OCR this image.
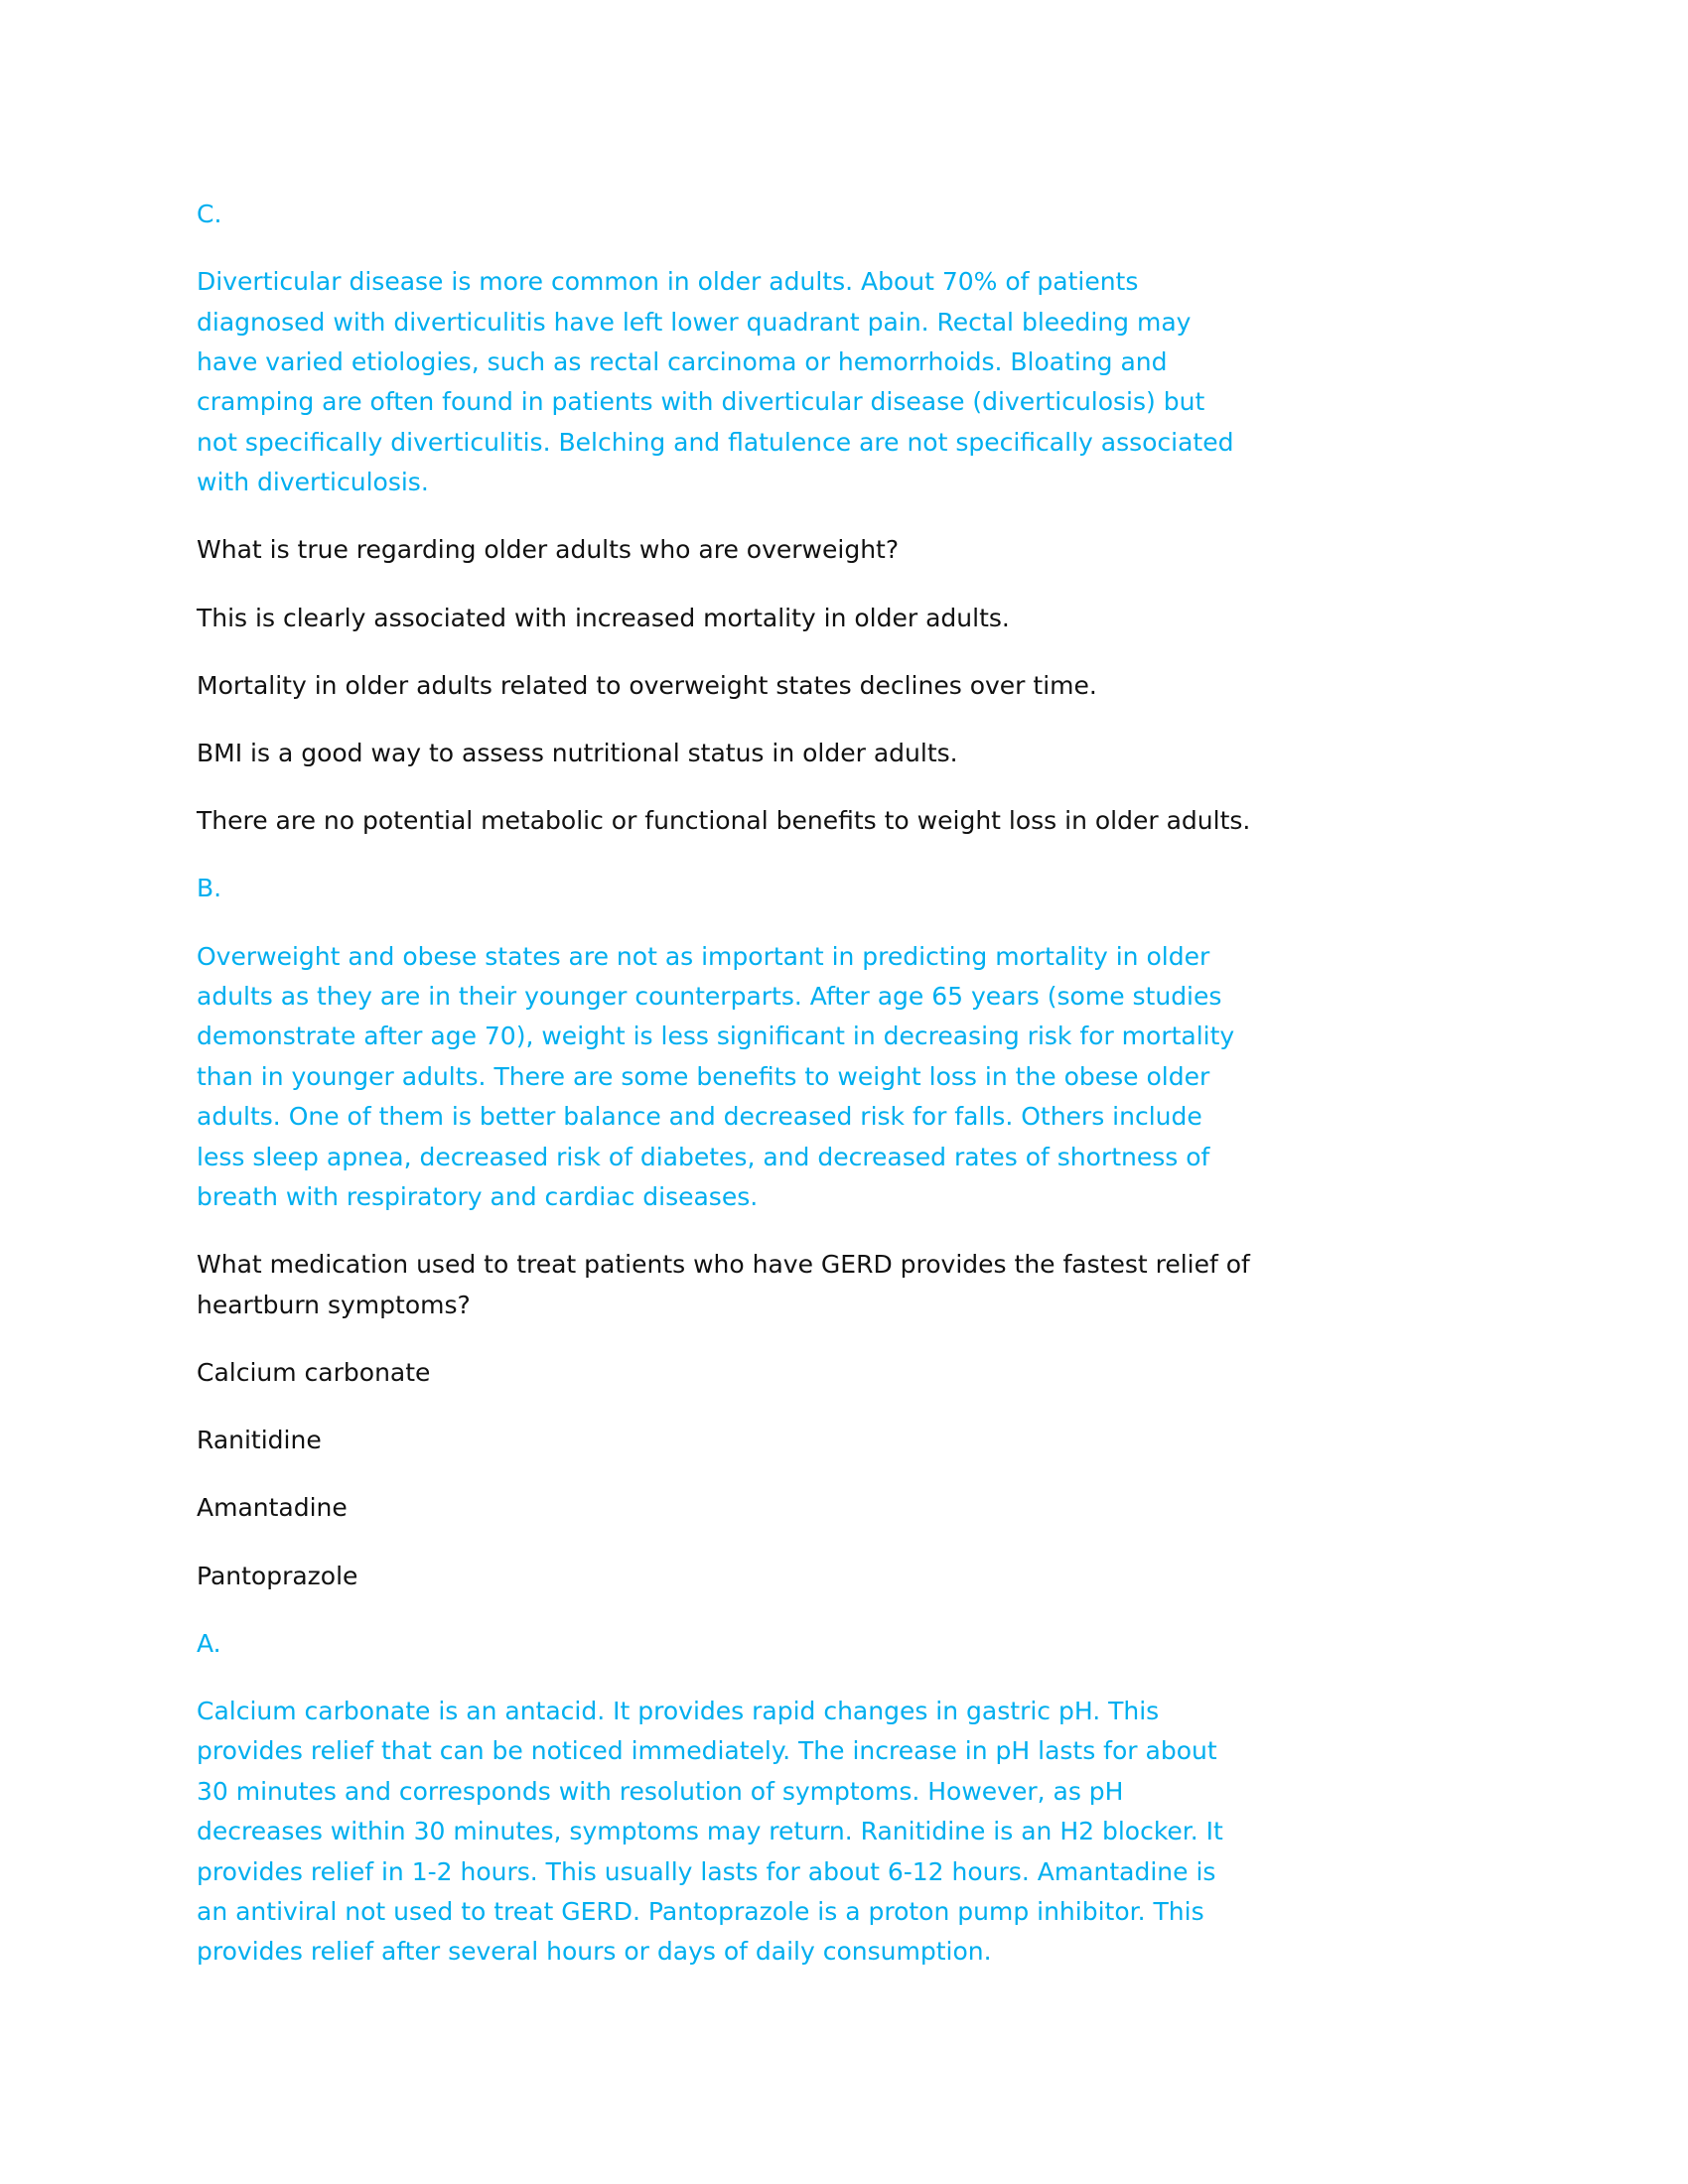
C.

Diverticular disease is more common in older adults. About 70% of patients
diagnosed with diverticulitis have left lower quadrant pain. Rectal bleeding may
have varied etiologies, such as rectal carcinoma or hemorrhoids. Bloating and
cramping are often found in patients with diverticular disease (diverticulosis) but
not specifically diverticulitis. Belching and flatulence are not specifically associated
with diverticulosis.

What is true regarding older adults who are overweight?

This is clearly associated with increased mortality in older adults.

Mortality in older adults related to overweight states declines over time.

BMI is a good way to assess nutritional status in older adults.

There are no potential metabolic or functional benefits to weight loss in older adults.

B.

Overweight and obese states are not as important in predicting mortality in older
adults as they are in their younger counterparts. After age 65 years (some studies
demonstrate after age 70), weight is less significant in decreasing risk for mortality
than in younger adults. There are some benefits to weight loss in the obese older
adults. One of them is better balance and decreased risk for falls. Others include
less sleep apnea, decreased risk of diabetes, and decreased rates of shortness of
breath with respiratory and cardiac diseases.

What medication used to treat patients who have GERD provides the fastest relief of
heartburn symptoms?

Calcium carbonate

Ranitidine

Amantadine

Pantoprazole

A.

Calcium carbonate is an antacid. It provides rapid changes in gastric pH. This
provides relief that can be noticed immediately. The increase in pH lasts for about
30 minutes and corresponds with resolution of symptoms. However, as pH
decreases within 30 minutes, symptoms may return. Ranitidine is an H2 blocker. It
provides relief in 1-2 hours. This usually lasts for about 6-12 hours. Amantadine is
an antiviral not used to treat GERD. Pantoprazole is a proton pump inhibitor. This
provides relief after several hours or days of daily consumption.
